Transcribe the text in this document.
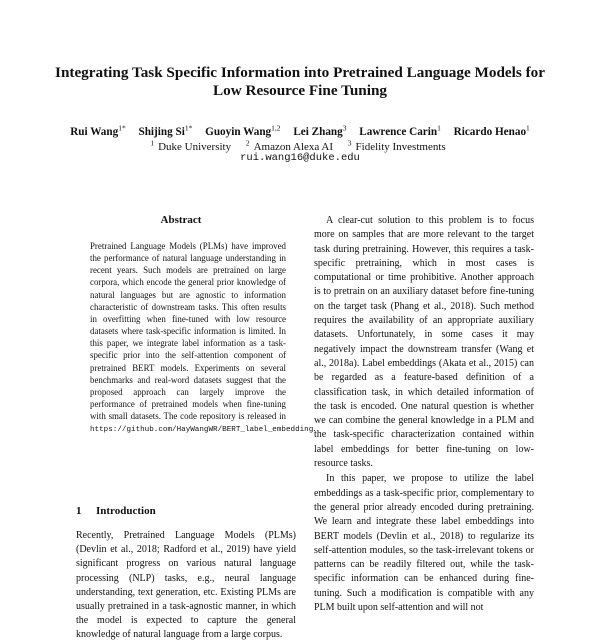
Integrating Task Specific Information into Pretrained Language Models for Low Resource Fine Tuning
Rui Wang$^{1*}$ Shijing $Si^{1*}$ Guoyin Wang$^{1,2}$ Lei Zhang$^3$ Lawrence Carin$^1$ Ricardo Henao$^1$
$^1$ Duke University $^2$ Amazon Alexa AI $^3$ Fidelity Investments
rui.wang16@duke.edu
Abstract
Pretrained Language Models (PLMs) have improved the performance of natural language understanding in recent years. Such models are pretrained on large corpora, which encode the general prior knowledge of natural languages but are agnostic to information characteristic of downstream tasks. This often results in overfitting when fine-tuned with low resource datasets where task-specific information is limited. In this paper, we integrate label information as a task-specific prior into the self-attention component of pretrained BERT models. Experiments on several benchmarks and real-word datasets suggest that the proposed approach can largely improve the performance of pretrained models when fine-tuning with small datasets. The code repository is released in https://github.com/HayWangWR/BERT_label_embedding.
1 Introduction
Recently, Pretrained Language Models (PLMs) (Devlin et al., 2018; Radford et al., 2019) have yield significant progress on various natural language processing (NLP) tasks, e.g., neural language understanding, text generation, etc. Existing PLMs are usually pretrained in a task-agnostic manner, in which the model is expected to capture the general knowledge of natural language from a large corpus.

A clear-cut solution to this problem is to focus more on samples that are more relevant to the target task during pretraining. However, this requires a task-specific pretraining, which in most cases is computational or time prohibitive. Another approach is to pretrain on an auxiliary dataset before fine-tuning on the target task (Phang et al., 2018). Such method requires the availability of an appropriate auxiliary datasets. Unfortunately, in some cases it may negatively impact the downstream transfer (Wang et al., 2018a). Label embeddings (Akata et al., 2015) can be regarded as a feature-based definition of a classification task, in which detailed information of the task is encoded. One natural question is whether we can combine the general knowledge in a PLM and the task-specific characterization contained within label embeddings for better fine-tuning on low-resource tasks.

In this paper, we propose to utilize the label embeddings as a task-specific prior, complementary to the general prior already encoded during pretraining. We learn and integrate these label embeddings into BERT models (Devlin et al., 2018) to regularize its self-attention modules, so the task-irrelevant tokens or patterns can be readily filtered out, while the task-specific information can be enhanced during fine-tuning. Such a modification is compatible with any PLM built upon self-attention and will not
